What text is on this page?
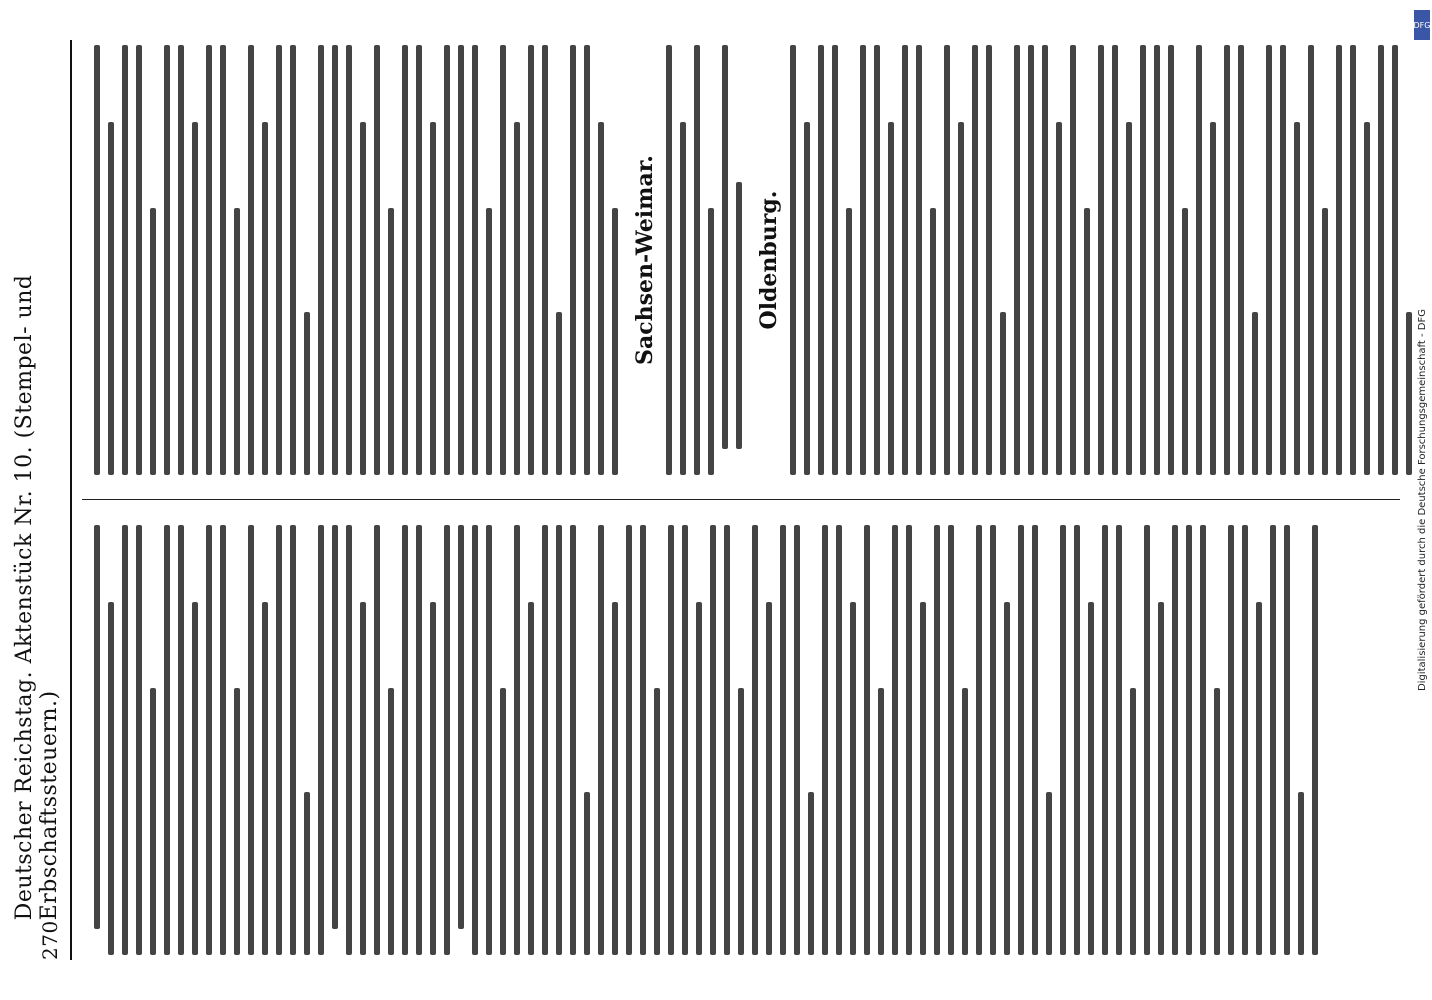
270
Deutscher Reichstag. Aktenstück Nr. 10. (Stempel- und Erbschaftssteuern.)
Sachsen-Weimar.	Oldenburg.
Digitalisierung gefördert durch die Deutsche Forschungsgemeinschaft - DFG
DFG
